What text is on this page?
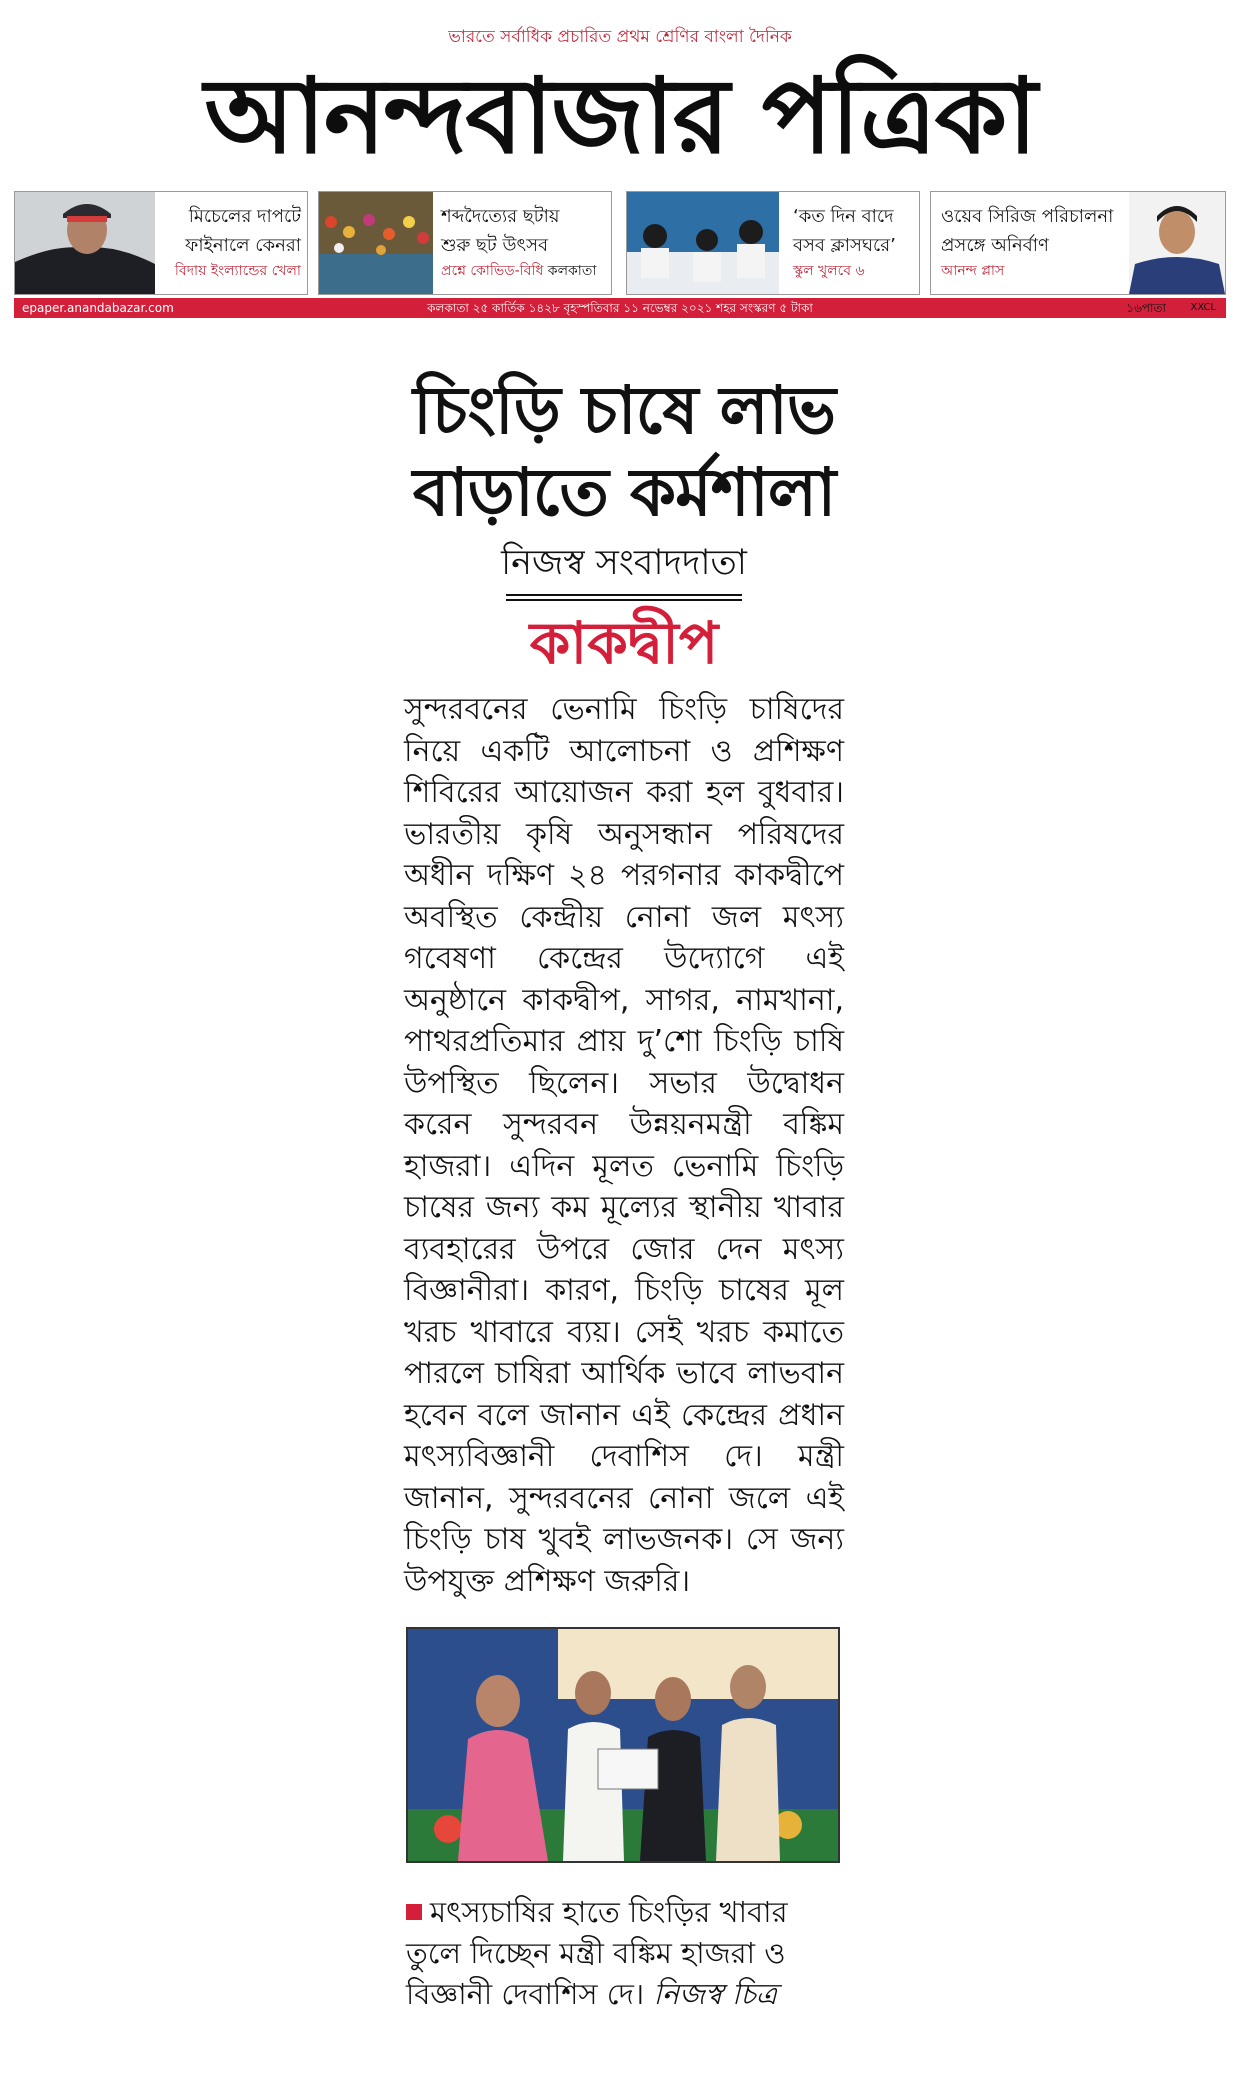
ভারতে সর্বাধিক প্রচারিত প্রথম শ্রেণির বাংলা দৈনিক
আনন্দবাজার পত্রিকা
মিচেলের দাপটে
ফাইনালে কেনরা
বিদায় ইংল্যান্ডের খেলা
শব্দদৈত্যের ছটায়
শুরু ছট উৎসব
প্রশ্নে কোভিড-বিধি কলকাতা
‘কত দিন বাদে
বসব ক্লাসঘরে’
স্কুল খুলবে ৬
ওয়েব সিরিজ পরিচালনা
প্রসঙ্গে অনির্বাণ
আনন্দ প্লাস
epaper.anandabazar.com	কলকাতা ২৫ কার্তিক ১৪২৮ বৃহস্পতিবার ১১ নভেম্বর ২০২১ শহর সংস্করণ ৫ টাকা	১৬পাতা XXCL
চিংড়ি চাষে লাভ
বাড়াতে কর্মশালা
নিজস্ব সংবাদদাতা
কাকদ্বীপ
সুন্দরবনের ভেনামি চিংড়ি চাষিদের নিয়ে একটি আলোচনা ও প্রশিক্ষণ শিবিরের আয়োজন করা হল বুধবার। ভারতীয় কৃষি অনুসন্ধান পরিষদের অধীন দক্ষিণ ২৪ পরগনার কাকদ্বীপে অবস্থিত কেন্দ্রীয় নোনা জল মৎস্য গবেষণা কেন্দ্রের উদ্যোগে এই অনুষ্ঠানে কাকদ্বীপ, সাগর, নামখানা, পাথরপ্রতিমার প্রায় দু’শো চিংড়ি চাষি উপস্থিত ছিলেন। সভার উদ্বোধন করেন সুন্দরবন উন্নয়নমন্ত্রী বঙ্কিম হাজরা। এদিন মূলত ভেনামি চিংড়ি চাষের জন্য কম মূল্যের স্থানীয় খাবার ব্যবহারের উপরে জোর দেন মৎস্য বিজ্ঞানীরা। কারণ, চিংড়ি চাষের মূল খরচ খাবারে ব্যয়। সেই খরচ কমাতে পারলে চাষিরা আর্থিক ভাবে লাভবান হবেন বলে জানান এই কেন্দ্রের প্রধান মৎস্যবিজ্ঞানী দেবাশিস দে। মন্ত্রী জানান, সুন্দরবনের নোনা জলে এই চিংড়ি চাষ খুবই লাভজনক। সে জন্য উপযুক্ত প্রশিক্ষণ জরুরি।
মৎস্যচাষির হাতে চিংড়ির খাবার তুলে দিচ্ছেন মন্ত্রী বঙ্কিম হাজরা ও বিজ্ঞানী দেবাশিস দে। নিজস্ব চিত্র
